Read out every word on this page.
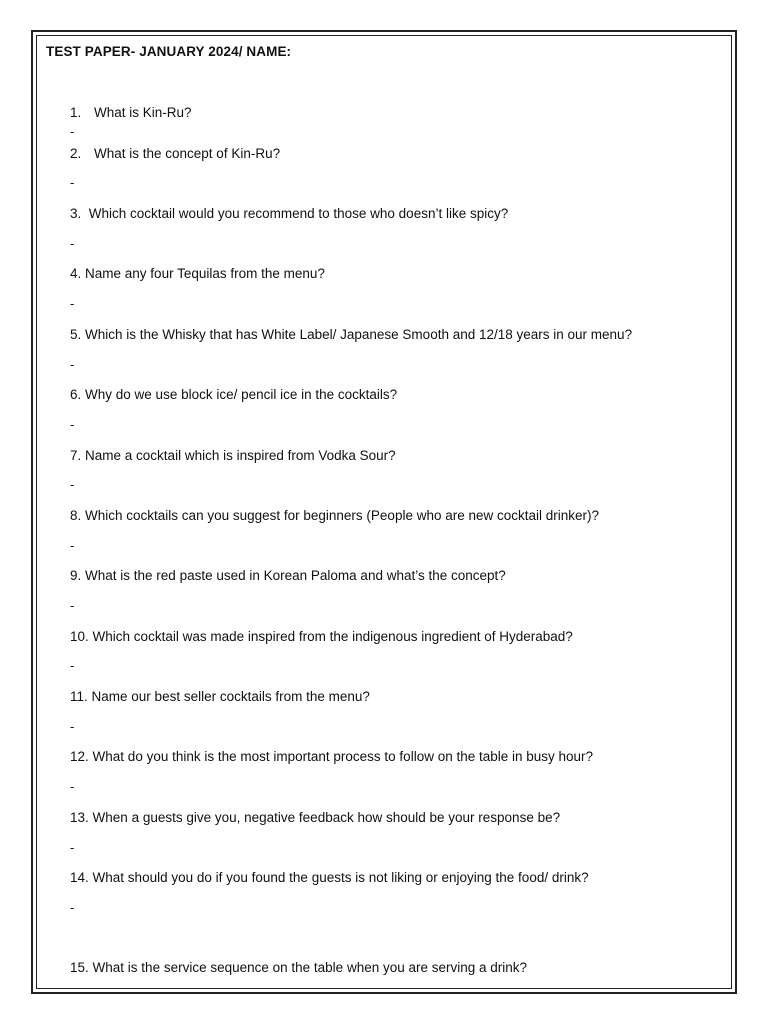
TEST PAPER- JANUARY 2024/ NAME:
1. What is Kin-Ru?
-
2. What is the concept of Kin-Ru?
-
3. Which cocktail would you recommend to those who doesn’t like spicy?
-
4. Name any four Tequilas from the menu?
-
5. Which is the Whisky that has White Label/ Japanese Smooth and 12/18 years in our menu?
-
6. Why do we use block ice/ pencil ice in the cocktails?
-
7. Name a cocktail which is inspired from Vodka Sour?
-
8. Which cocktails can you suggest for beginners (People who are new cocktail drinker)?
-
9. What is the red paste used in Korean Paloma and what’s the concept?
-
10. Which cocktail was made inspired from the indigenous ingredient of Hyderabad?
-
11. Name our best seller cocktails from the menu?
-
12. What do you think is the most important process to follow on the table in busy hour?
-
13. When a guests give you, negative feedback how should be your response be?
-
14. What should you do if you found the guests is not liking or enjoying the food/ drink?
-
15. What is the service sequence on the table when you are serving a drink?
